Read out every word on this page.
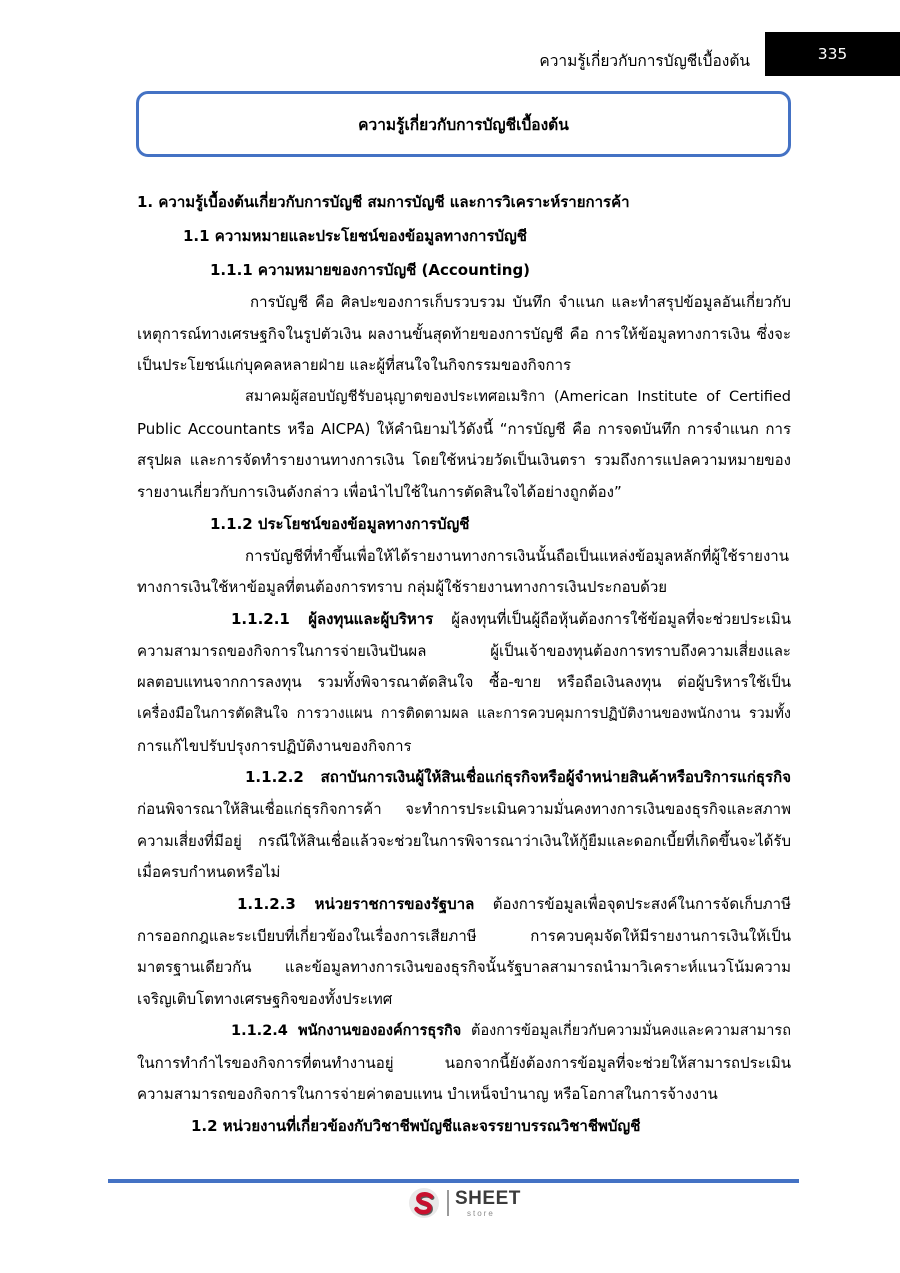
ความรู้เกี่ยวกับการบัญชีเบื้องต้น	335
ความรู้เกี่ยวกับการบัญชีเบื้องต้น
1. ความรู้เบื้องต้นเกี่ยวกับการบัญชี สมการบัญชี และการวิเคราะห์รายการค้า
1.1 ความหมายและประโยชน์ของข้อมูลทางการบัญชี
1.1.1 ความหมายของการบัญชี (Accounting)
การบัญชี คือ ศิลปะของการเก็บรวบรวม บันทึก จำแนก และทำสรุปข้อมูลอันเกี่ยวกับ
เหตุการณ์ทางเศรษฐกิจในรูปตัวเงิน ผลงานขั้นสุดท้ายของการบัญชี คือ การให้ข้อมูลทางการเงิน ซึ่งจะ
เป็นประโยชน์แก่บุคคลหลายฝ่าย และผู้ที่สนใจในกิจกรรมของกิจการ
สมาคมผู้สอบบัญชีรับอนุญาตของประเทศอเมริกา (American Institute of Certified
Public Accountants หรือ AICPA) ให้คำนิยามไว้ดังนี้ “การบัญชี คือ การจดบันทึก การจำแนก การ
สรุปผล และการจัดทำรายงานทางการเงิน โดยใช้หน่วยวัดเป็นเงินตรา รวมถึงการแปลความหมายของ
รายงานเกี่ยวกับการเงินดังกล่าว เพื่อนำไปใช้ในการตัดสินใจได้อย่างถูกต้อง”
1.1.2 ประโยชน์ของข้อมูลทางการบัญชี
การบัญชีที่ทำขึ้นเพื่อให้ได้รายงานทางการเงินนั้นถือเป็นแหล่งข้อมูลหลักที่ผู้ใช้รายงาน
ทางการเงินใช้หาข้อมูลที่ตนต้องการทราบ กลุ่มผู้ใช้รายงานทางการเงินประกอบด้วย
1.1.2.1 ผู้ลงทุนและผู้บริหาร ผู้ลงทุนที่เป็นผู้ถือหุ้นต้องการใช้ข้อมูลที่จะช่วยประเมิน
ความสามารถของกิจการในการจ่ายเงินปันผล ผู้เป็นเจ้าของทุนต้องการทราบถึงความเสี่ยงและ
ผลตอบแทนจากการลงทุน รวมทั้งพิจารณาตัดสินใจ ซื้อ-ขาย หรือถือเงินลงทุน ต่อผู้บริหารใช้เป็น
เครื่องมือในการตัดสินใจ การวางแผน การติดตามผล และการควบคุมการปฏิบัติงานของพนักงาน รวมทั้ง
การแก้ไขปรับปรุงการปฏิบัติงานของกิจการ
1.1.2.2 สถาบันการเงินผู้ให้สินเชื่อแก่ธุรกิจหรือผู้จำหน่ายสินค้าหรือบริการแก่ธุรกิจ
ก่อนพิจารณาให้สินเชื่อแก่ธุรกิจการค้า จะทำการประเมินความมั่นคงทางการเงินของธุรกิจและสภาพ
ความเสี่ยงที่มีอยู่ กรณีให้สินเชื่อแล้วจะช่วยในการพิจารณาว่าเงินให้กู้ยืมและดอกเบี้ยที่เกิดขึ้นจะได้รับ
เมื่อครบกำหนดหรือไม่
1.1.2.3 หน่วยราชการของรัฐบาล ต้องการข้อมูลเพื่อจุดประสงค์ในการจัดเก็บภาษี
การออกกฎและระเบียบที่เกี่ยวข้องในเรื่องการเสียภาษี การควบคุมจัดให้มีรายงานการเงินให้เป็น
มาตรฐานเดียวกัน และข้อมูลทางการเงินของธุรกิจนั้นรัฐบาลสามารถนำมาวิเคราะห์แนวโน้มความ
เจริญเติบโตทางเศรษฐกิจของทั้งประเทศ
1.1.2.4 พนักงานขององค์การธุรกิจ ต้องการข้อมูลเกี่ยวกับความมั่นคงและความสามารถ
ในการทำกำไรของกิจการที่ตนทำงานอยู่ นอกจากนี้ยังต้องการข้อมูลที่จะช่วยให้สามารถประเมิน
ความสามารถของกิจการในการจ่ายค่าตอบแทน บำเหน็จบำนาญ หรือโอกาสในการจ้างงาน
1.2 หน่วยงานที่เกี่ยวข้องกับวิชาชีพบัญชีและจรรยาบรรณวิชาชีพบัญชี
SHEET
store
